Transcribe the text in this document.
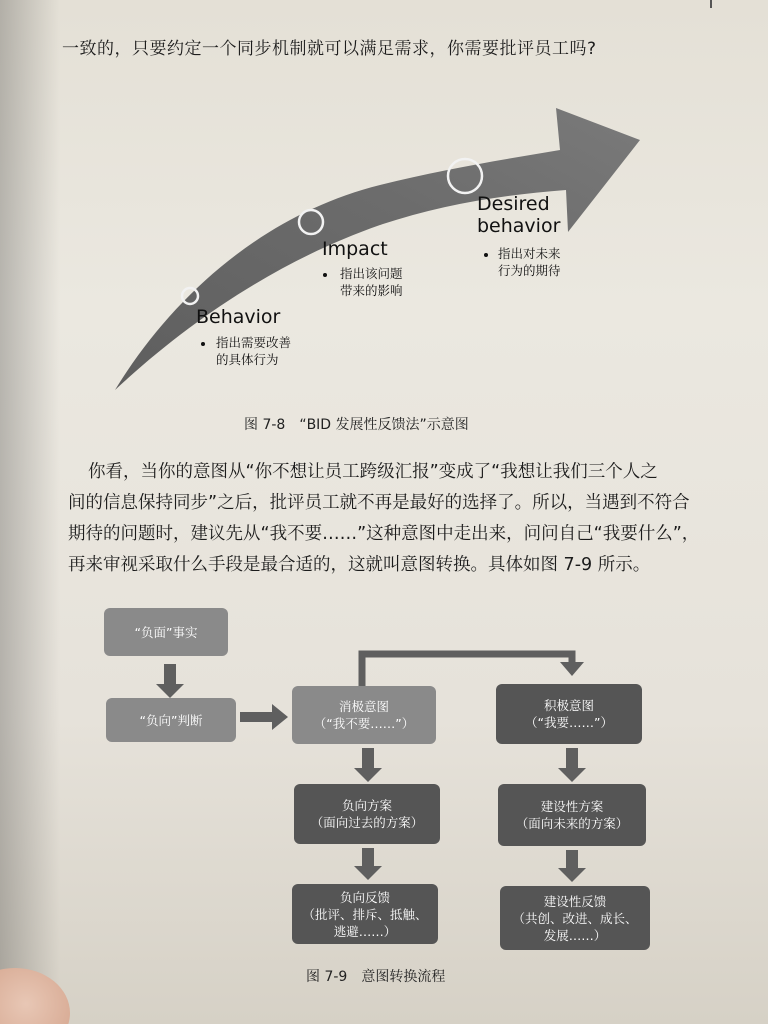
一致的，只要约定一个同步机制就可以满足需求，你需要批评员工吗?
Behavior
指出需要改善
的具体行为
Impact
指出该问题
带来的影响
Desired
behavior
指出对未来
行为的期待
图 7-8　“BID 发展性反馈法”示意图
你看，当你的意图从“你不想让员工跨级汇报”变成了“我想让我们三个人之
间的信息保持同步”之后，批评员工就不再是最好的选择了。所以，当遇到不符合
期待的问题时，建议先从“我不要……”这种意图中走出来，问问自己“我要什么”，
再来审视采取什么手段是最合适的，这就叫意图转换。具体如图 7-9 所示。
“负面”事实
“负向”判断
消极意图
（“我不要……”）
负向方案
（面向过去的方案）
负向反馈
（批评、排斥、抵触、
逃避……）
积极意图
（“我要……”）
建设性方案
（面向未来的方案）
建设性反馈
（共创、改进、成长、
发展……）
图 7-9　意图转换流程
